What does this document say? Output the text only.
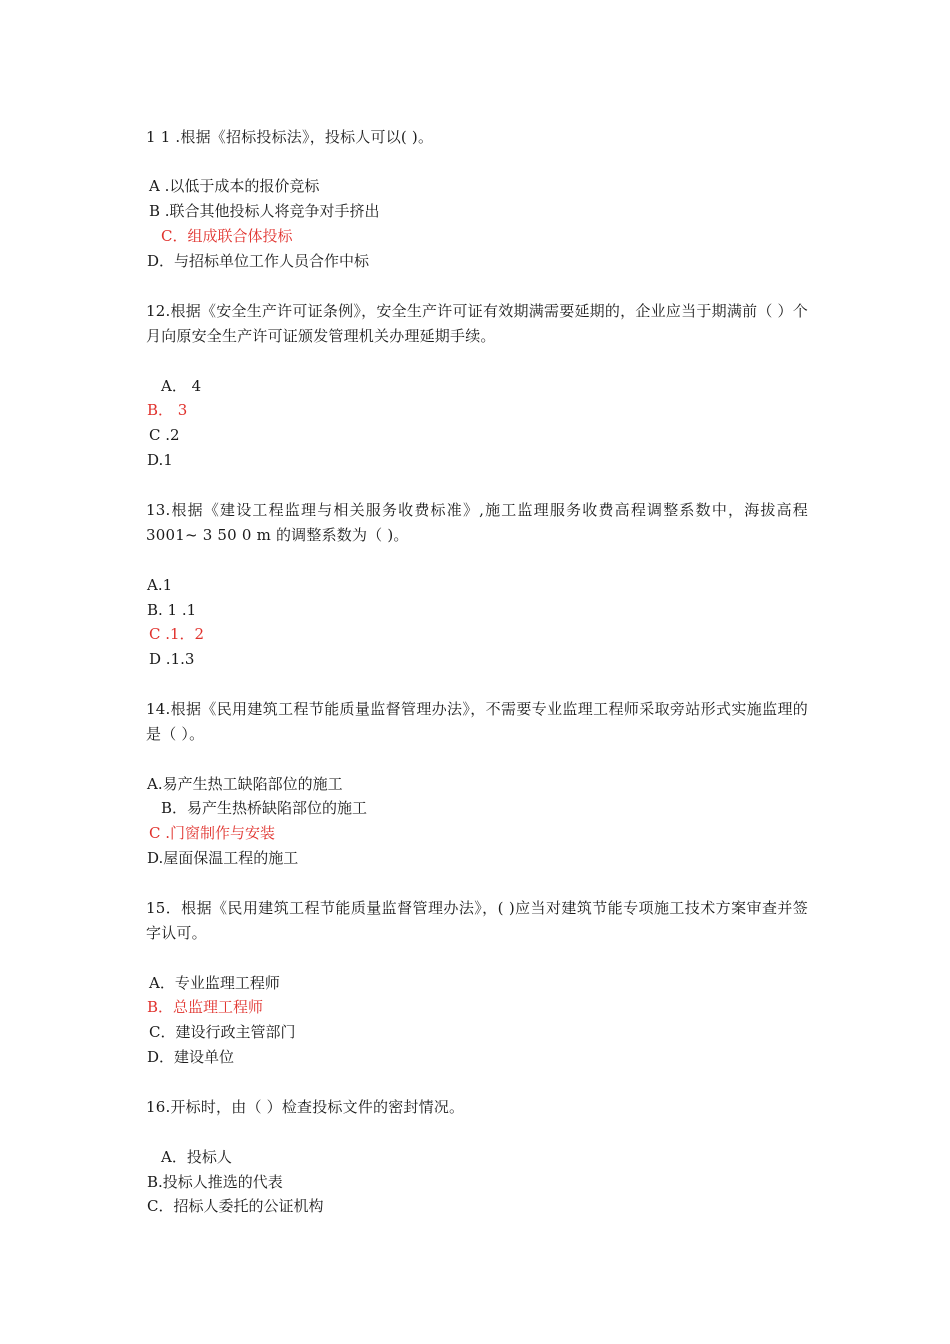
1 1 .根据《招标投标法》，投标人可以( )。
A .以低于成本的报价竞标
B .联合其他投标人将竞争对手挤出
C．组成联合体投标
D．与招标单位工作人员合作中标
12.根据《安全生产许可证条例》，安全生产许可证有效期满需要延期的，企业应当于期满前（ ）个月向原安全生产许可证颁发管理机关办理延期手续。
A． 4
B． 3
C .2
D.1
13.根据《建设工程监理与相关服务收费标准》,施工监理服务收费高程调整系数中，海拔高程 3001~ 3 50 0 m 的调整系数为（ )。
A.1
B. 1 .1
C .1．2
D .1.3
14.根据《民用建筑工程节能质量监督管理办法》，不需要专业监理工程师采取旁站形式实施监理的是（ ）。
A.易产生热工缺陷部位的施工
B．易产生热桥缺陷部位的施工
C .门窗制作与安装
D.屋面保温工程的施工
15．根据《民用建筑工程节能质量监督管理办法》，( )应当对建筑节能专项施工技术方案审查并签字认可。
A．专业监理工程师
B．总监理工程师
C．建设行政主管部门
D．建设单位
16.开标时，由（ ）检查投标文件的密封情况。
A．投标人
B.投标人推选的代表
C．招标人委托的公证机构
